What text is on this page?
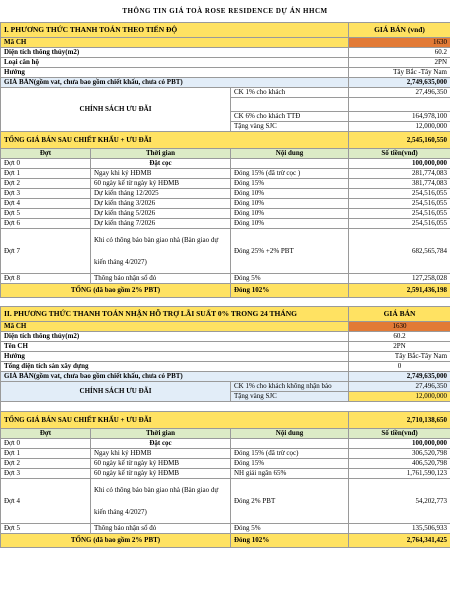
THÔNG TIN GIÁ TOÀ ROSE RESIDENCE DỰ ÁN HHCM
I. PHƯƠNG THỨC THANH TOÁN THEO TIẾN ĐỘ			GIÁ BÁN (vnđ)
Mã CH			1630
Diện tích thông thủy(m2)			60.2
Loại căn hộ			2PN
Hướng			Tây Bắc -Tây Nam
GIÁ BÁN(gồm vat, chưa bao gồm chiết khấu, chưa có PBT)			2,749,635,000
CHÍNH SÁCH ƯU ĐÃI		CK 1% cho khách	27,496,350

		CK 6% cho khách TTĐ	164,978,100
		Tặng vàng SJC	12,000,000
TỔNG GIÁ BÁN SAU CHIẾT KHẤU + ƯU ĐÃI			2,545,160,550
Đợt	Thời gian	Nội dung	Số tiền(vnđ)
Đợt 0	Đặt cọc		100,000,000
Đợt 1	Ngay khi ký HĐMB	Đóng 15% (đã trừ cọc )	281,774,083
Đợt 2	60 ngày kể từ ngày ký HĐMB	Đóng 15%	381,774,083
Đợt 3	Dự kiến tháng 12/2025	Đóng 10%	254,516,055
Đợt 4	Dự kiến tháng 3/2026	Đóng 10%	254,516,055
Đợt 5	Dự kiến tháng 5/2026	Đóng 10%	254,516,055
Đợt 6	Dự kiến tháng 7/2026	Đóng 10%	254,516,055
Đợt 7	Khi có thông báo bàn giao nhà (Bàn giao dự kiến tháng 4/2027)	Đóng 25% +2% PBT	682,565,784
Đợt 8	Thông báo nhận sổ đỏ	Đóng 5%	127,258,028
TỔNG (đã bao gồm 2% PBT)		Đóng 102%	2,591,436,198

II. PHƯƠNG THỨC THANH TOÁN NHẬN HỖ TRỢ LÃI SUẤT 0% TRONG 24 THÁNG			GIÁ BÁN
Mã CH			1630
Diện tích thông thủy(m2)			60.2
Tên CH			2PN
Hướng			Tây Bắc-Tây Nam
Tổng diện tích sàn xây dựng			0
GIÁ BÁN(gồm vat, chưa bao gồm chiết khấu, chưa có PBT)			2,749,635,000
CHÍNH SÁCH ƯU ĐÃI		CK 1% cho khách không nhận bảo	27,496,350
		Tặng vàng SJC	12,000,000

TỔNG GIÁ BÁN SAU CHIẾT KHẤU + ƯU ĐÃI			2,710,138,650
Đợt	Thời gian	Nội dung	Số tiền(vnđ)
Đợt 0	Đặt cọc		100,000,000
Đợt 1	Ngay khi ký HĐMB	Đóng 15% (đã trừ cọc)	306,520,798
Đợt 2	60 ngày kể từ ngày ký HĐMB	Đóng 15%	406,520,798
Đợt 3	60 ngày kể từ ngày ký HĐMB	NH giải ngân 65%	1,761,590,123
Đợt 4	Khi có thông báo bàn giao nhà (Bàn giao dự kiến tháng 4/2027)	Đóng 2% PBT	54,202,773
Đợt 5	Thông báo nhận sổ đỏ	Đóng 5%	135,506,933
TỔNG (đã bao gồm 2% PBT)		Đóng 102%	2,764,341,425
